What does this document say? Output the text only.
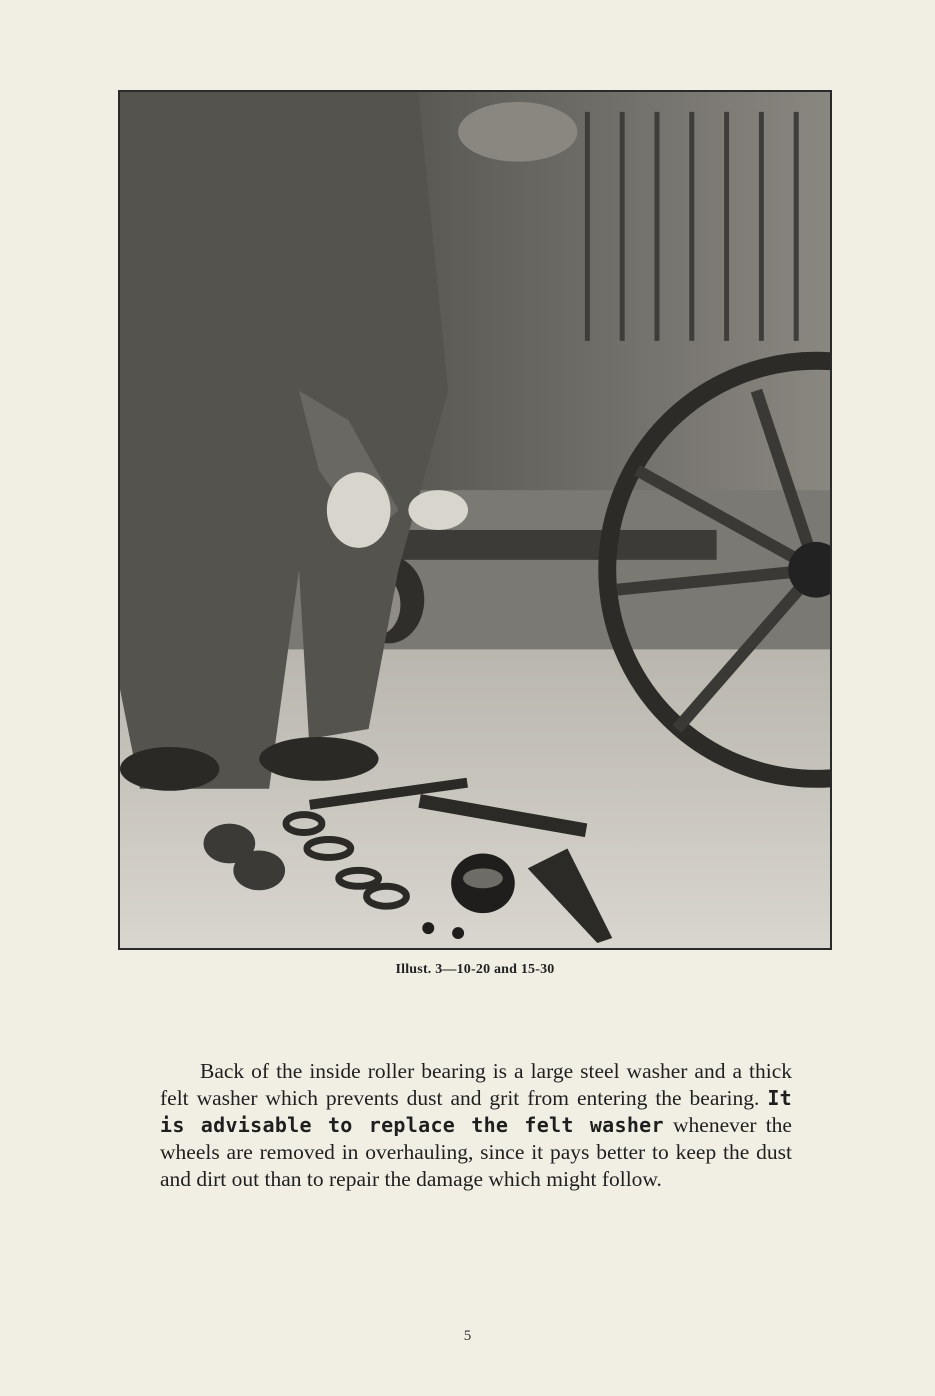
Illust. 3—10-20 and 15-30

Back of the inside roller bearing is a large steel washer and a thick felt washer which prevents dust and grit from entering the bearing. It is advisable to replace the felt washer whenever the wheels are removed in overhauling, since it pays better to keep the dust and dirt out than to repair the damage which might follow.

5
